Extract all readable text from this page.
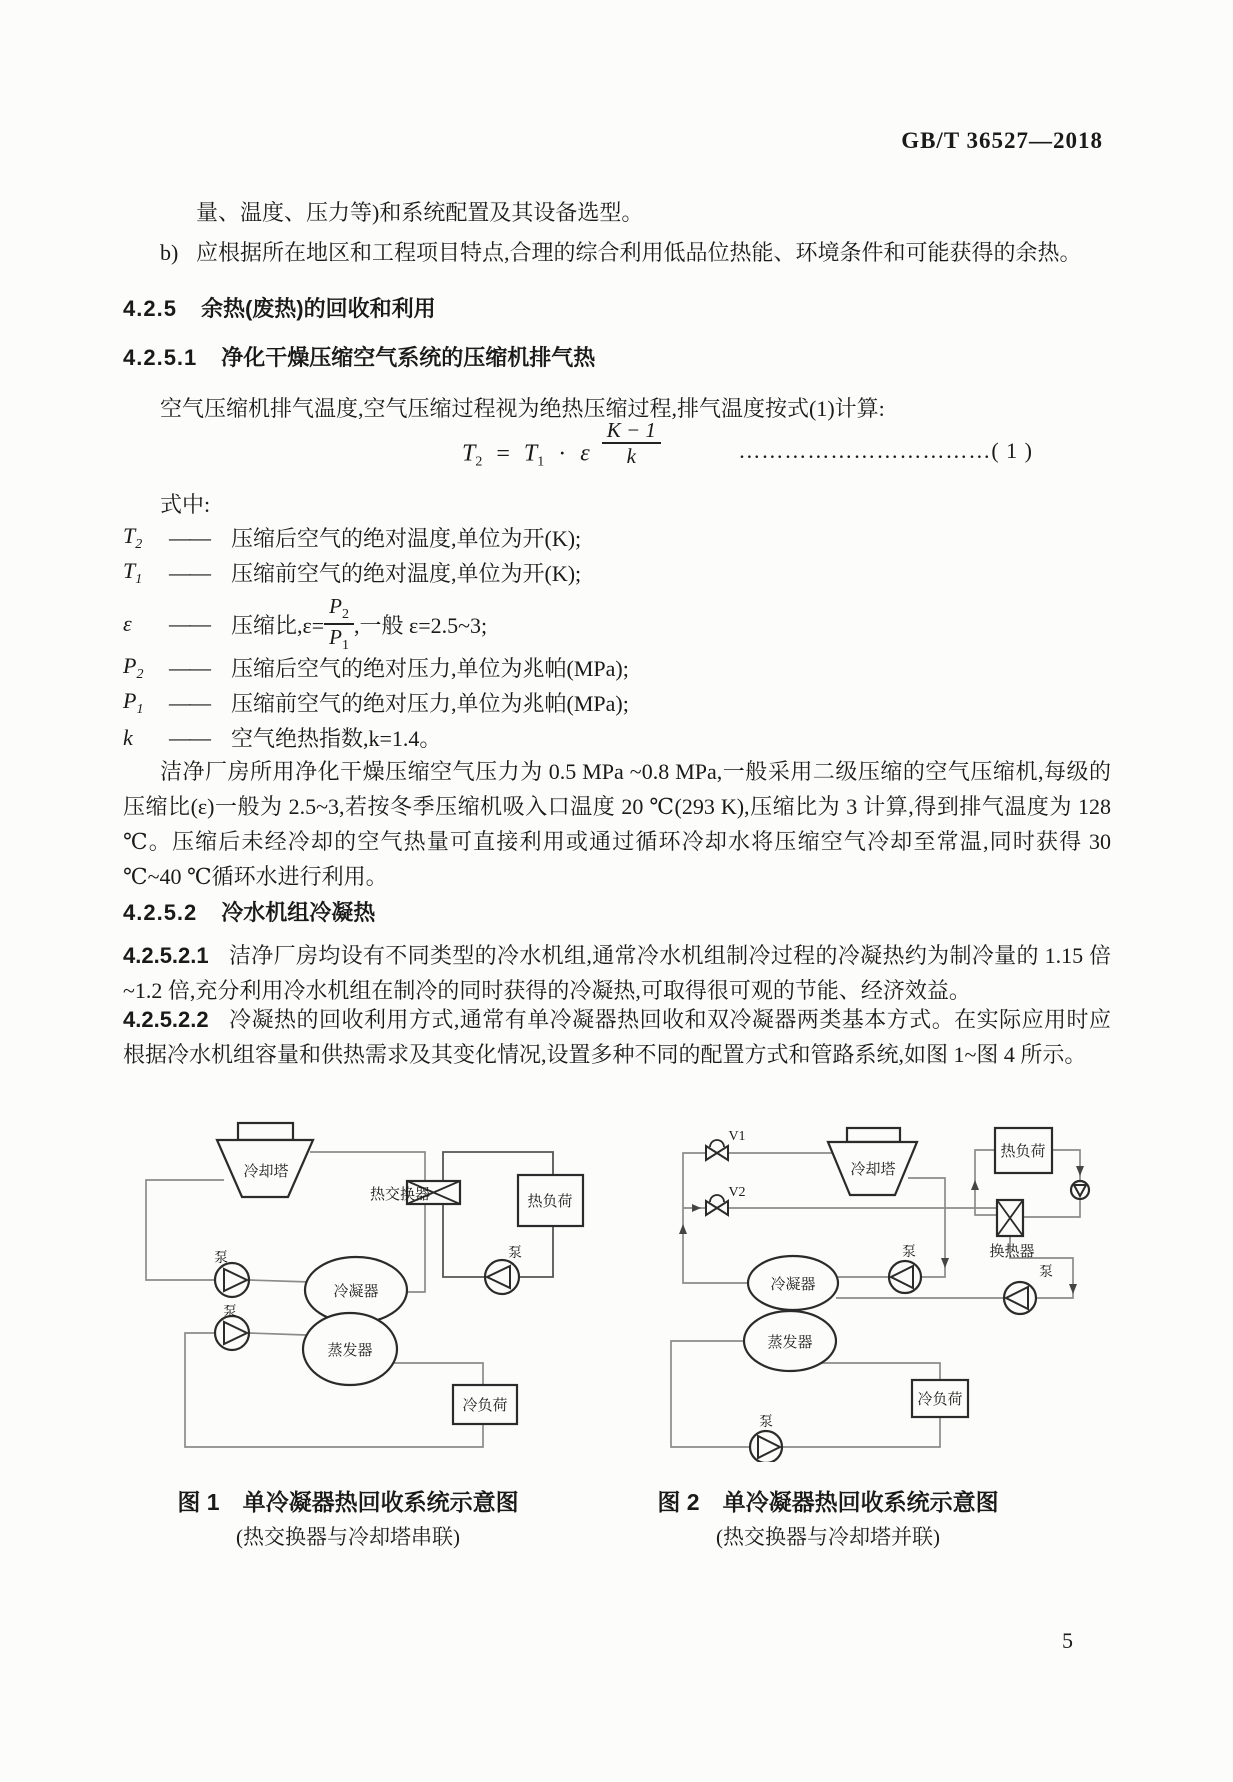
GB/T 36527—2018
量、温度、压力等)和系统配置及其设备选型。
b) 应根据所在地区和工程项目特点,合理的综合利用低品位热能、环境条件和可能获得的余热。
4.2.5 余热(废热)的回收和利用
4.2.5.1 净化干燥压缩空气系统的压缩机排气热
空气压缩机排气温度,空气压缩过程视为绝热压缩过程,排气温度按式(1)计算:
$T_2 = T_1 \cdot \varepsilon \frac{K - 1}{k}$	……………………………( 1 )
式中:
$T_2$	——	压缩后空气的绝对温度,单位为开(K);
$T_1$	——	压缩前空气的绝对温度,单位为开(K);
ε	——	压缩比$,\varepsilon= \frac{P_2}{P_1}$ ,一般 ε=2.5~3;
$P_2$	——	压缩后空气的绝对压力,单位为兆帕(MPa);
$P_1$	——	压缩前空气的绝对压力,单位为兆帕(MPa);
k	——	空气绝热指数,k=1.4。
洁净厂房所用净化干燥压缩空气压力为 0.5 MPa ~0.8 MPa,一般采用二级压缩的空气压缩机,每级的压缩比(ε)一般为 2.5~3,若按冬季压缩机吸入口温度 20 ℃(293 K),压缩比为 3 计算,得到排气温度为 128 ℃。压缩后未经冷却的空气热量可直接利用或通过循环冷却水将压缩空气冷却至常温,同时获得 30 ℃~40 ℃循环水进行利用。
4.2.5.2 冷水机组冷凝热
4.2.5.2.1 洁净厂房均设有不同类型的冷水机组,通常冷水机组制冷过程的冷凝热约为制冷量的 1.15 倍~1.2 倍,充分利用冷水机组在制冷的同时获得的冷凝热,可取得很可观的节能、经济效益。
4.2.5.2.2 冷凝热的回收利用方式,通常有单冷凝器热回收和双冷凝器两类基本方式。在实际应用时应根据冷水机组容量和供热需求及其变化情况,设置多种不同的配置方式和管路系统,如图 1~图 4 所示。
冷却塔
热交换器	热负荷
冷凝器
蒸发器
泵
泵
泵
冷负荷
V1
V2
冷却塔
热负荷
换热器
冷凝器
蒸发器
泵
泵
泵
冷负荷
图 1　单冷凝器热回收系统示意图
(热交换器与冷却塔串联)
图 2　单冷凝器热回收系统示意图
(热交换器与冷却塔并联)
5
